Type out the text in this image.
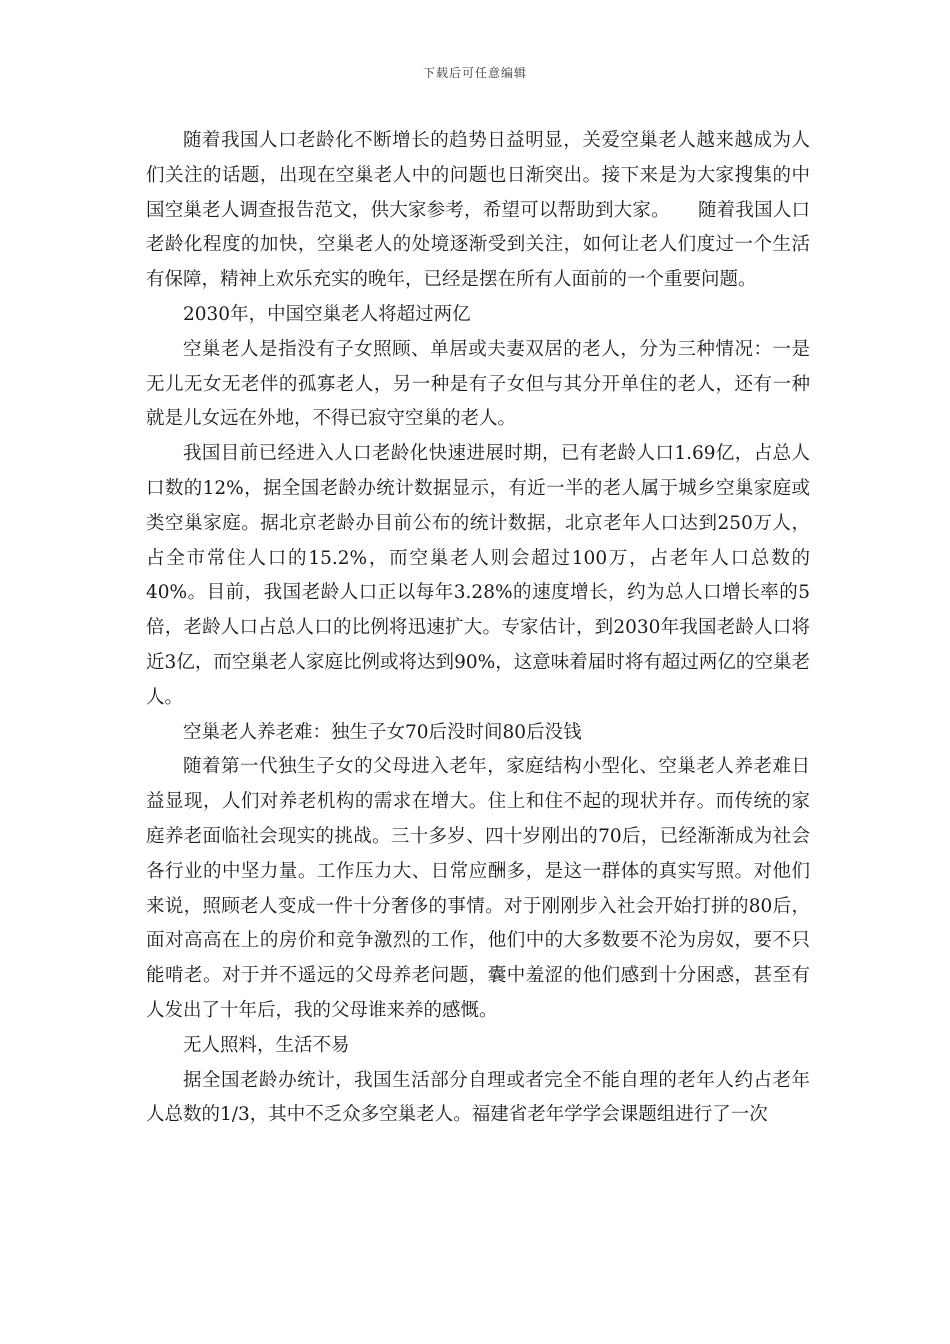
下载后可任意编辑

随着我国人口老龄化不断增长的趋势日益明显，关爱空巢老人越来越成为人们关注的话题，出现在空巢老人中的问题也日渐突出。接下来是为大家搜集的中国空巢老人调查报告范文，供大家参考，希望可以帮助到大家。　　随着我国人口老龄化程度的加快，空巢老人的处境逐渐受到关注，如何让老人们度过一个生活有保障，精神上欢乐充实的晚年，已经是摆在所有人面前的一个重要问题。

2030年，中国空巢老人将超过两亿

空巢老人是指没有子女照顾、单居或夫妻双居的老人，分为三种情况：一是无儿无女无老伴的孤寡老人，另一种是有子女但与其分开单住的老人，还有一种就是儿女远在外地，不得已寂守空巢的老人。

我国目前已经进入人口老龄化快速进展时期，已有老龄人口1.69亿，占总人口数的12%，据全国老龄办统计数据显示，有近一半的老人属于城乡空巢家庭或类空巢家庭。据北京老龄办目前公布的统计数据，北京老年人口达到250万人，占全市常住人口的15.2%，而空巢老人则会超过100万，占老年人口总数的40%。目前，我国老龄人口正以每年3.28%的速度增长，约为总人口增长率的5倍，老龄人口占总人口的比例将迅速扩大。专家估计，到2030年我国老龄人口将近3亿，而空巢老人家庭比例或将达到90%，这意味着届时将有超过两亿的空巢老人。

空巢老人养老难：独生子女70后没时间80后没钱

随着第一代独生子女的父母进入老年，家庭结构小型化、空巢老人养老难日益显现，人们对养老机构的需求在增大。住上和住不起的现状并存。而传统的家庭养老面临社会现实的挑战。三十多岁、四十岁刚出的70后，已经渐渐成为社会各行业的中坚力量。工作压力大、日常应酬多，是这一群体的真实写照。对他们来说，照顾老人变成一件十分奢侈的事情。对于刚刚步入社会开始打拼的80后，面对高高在上的房价和竞争激烈的工作，他们中的大多数要不沦为房奴，要不只能啃老。对于并不遥远的父母养老问题，囊中羞涩的他们感到十分困惑，甚至有人发出了十年后，我的父母谁来养的感慨。

无人照料，生活不易

据全国老龄办统计，我国生活部分自理或者完全不能自理的老年人约占老年人总数的1/3，其中不乏众多空巢老人。福建省老年学学会课题组进行了一次
